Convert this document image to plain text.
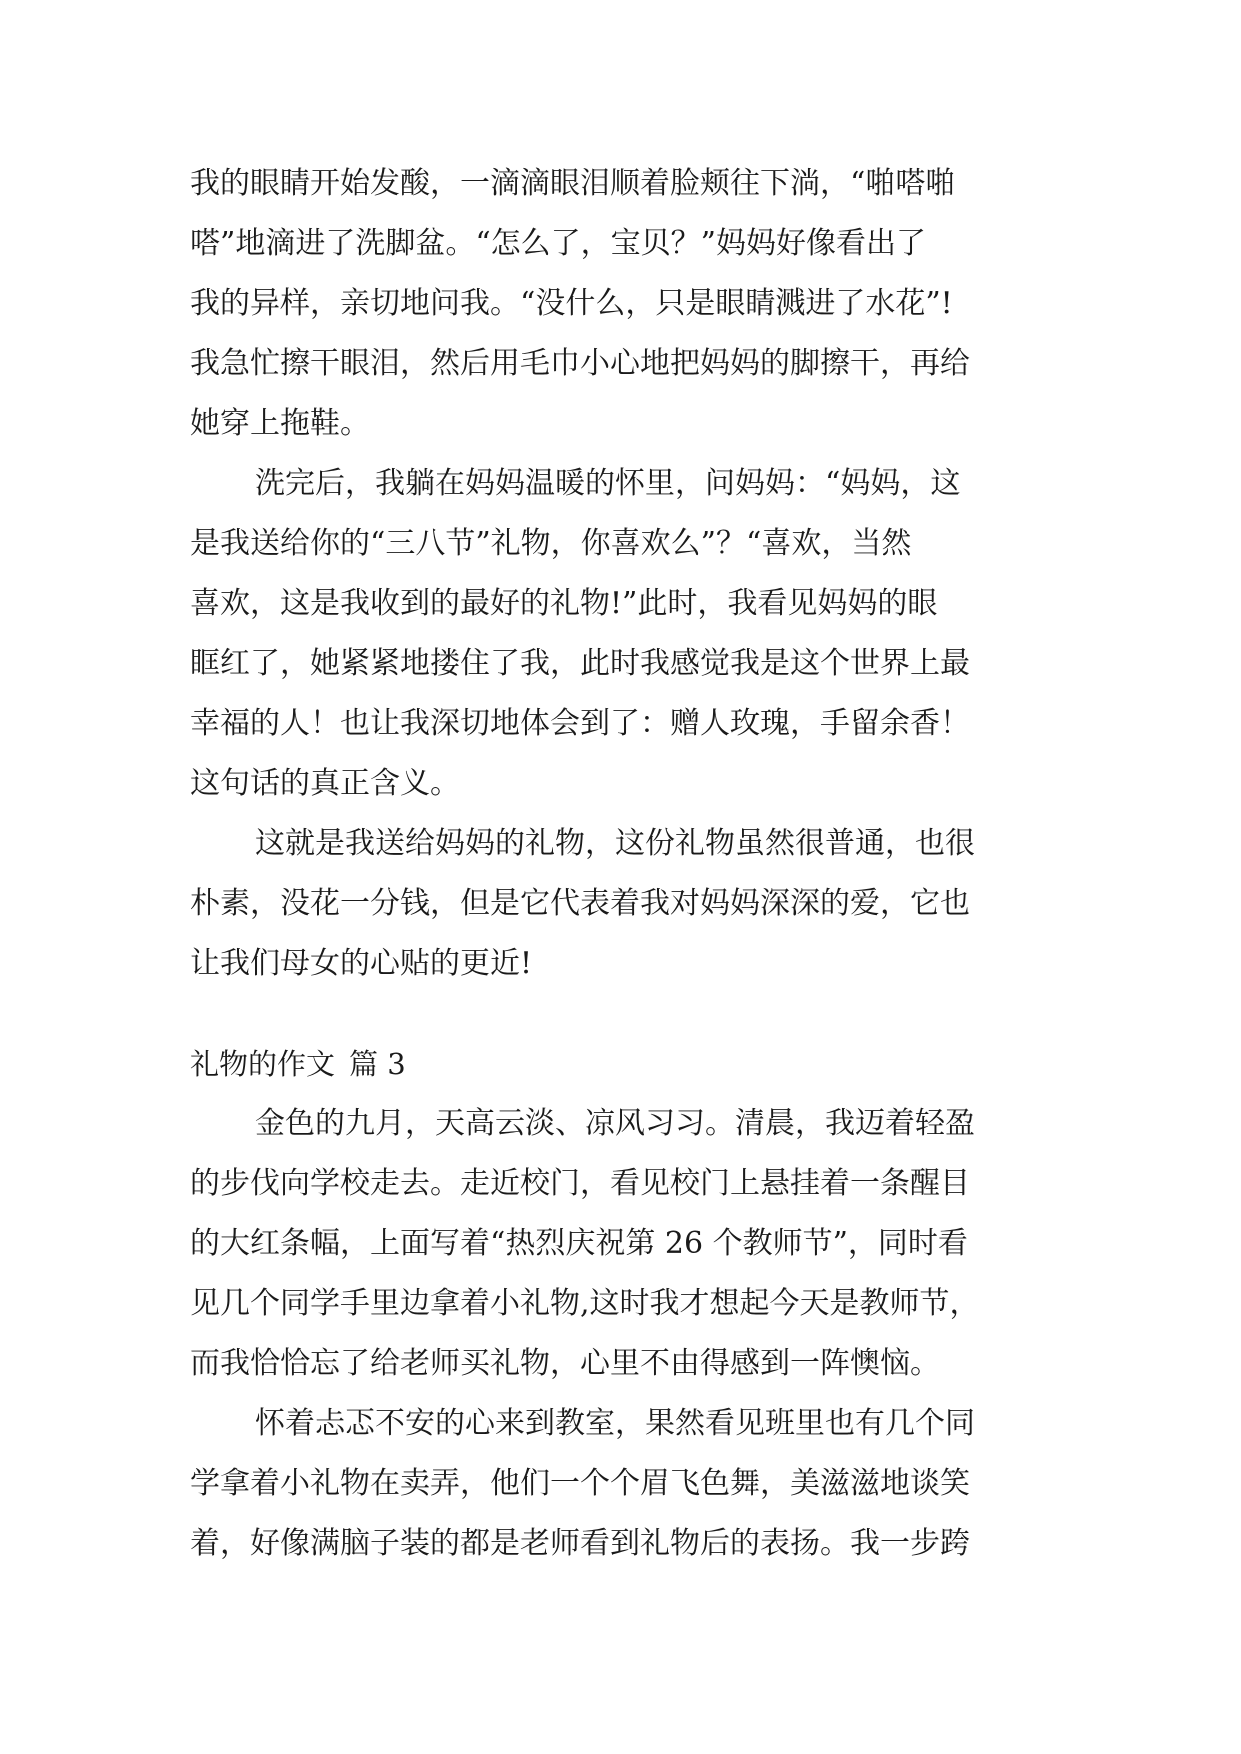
我的眼睛开始发酸，一滴滴眼泪顺着脸颊往下淌，“啪嗒啪

嗒”地滴进了洗脚盆。“怎么了，宝贝？”妈妈好像看出了

我的异样，亲切地问我。“没什么，只是眼睛溅进了水花”!

我急忙擦干眼泪，然后用毛巾小心地把妈妈的脚擦干，再给

她穿上拖鞋。

洗完后，我躺在妈妈温暖的怀里，问妈妈：“妈妈，这

是我送给你的“三八节”礼物，你喜欢么”？“喜欢，当然

喜欢，这是我收到的最好的礼物!”此时，我看见妈妈的眼

眶红了，她紧紧地搂住了我，此时我感觉我是这个世界上最

幸福的人！也让我深切地体会到了：赠人玫瑰，手留余香！

这句话的真正含义。

这就是我送给妈妈的礼物，这份礼物虽然很普通，也很

朴素，没花一分钱，但是它代表着我对妈妈深深的爱，它也

让我们母女的心贴的更近!

礼物的作文 篇 3

金色的九月，天高云淡、凉风习习。清晨，我迈着轻盈

的步伐向学校走去。走近校门，看见校门上悬挂着一条醒目

的大红条幅，上面写着“热烈庆祝第 26 个教师节”，同时看

见几个同学手里边拿着小礼物,这时我才想起今天是教师节，

而我恰恰忘了给老师买礼物，心里不由得感到一阵懊恼。

怀着忐忑不安的心来到教室，果然看见班里也有几个同

学拿着小礼物在卖弄，他们一个个眉飞色舞，美滋滋地谈笑

着，好像满脑子装的都是老师看到礼物后的表扬。我一步跨
